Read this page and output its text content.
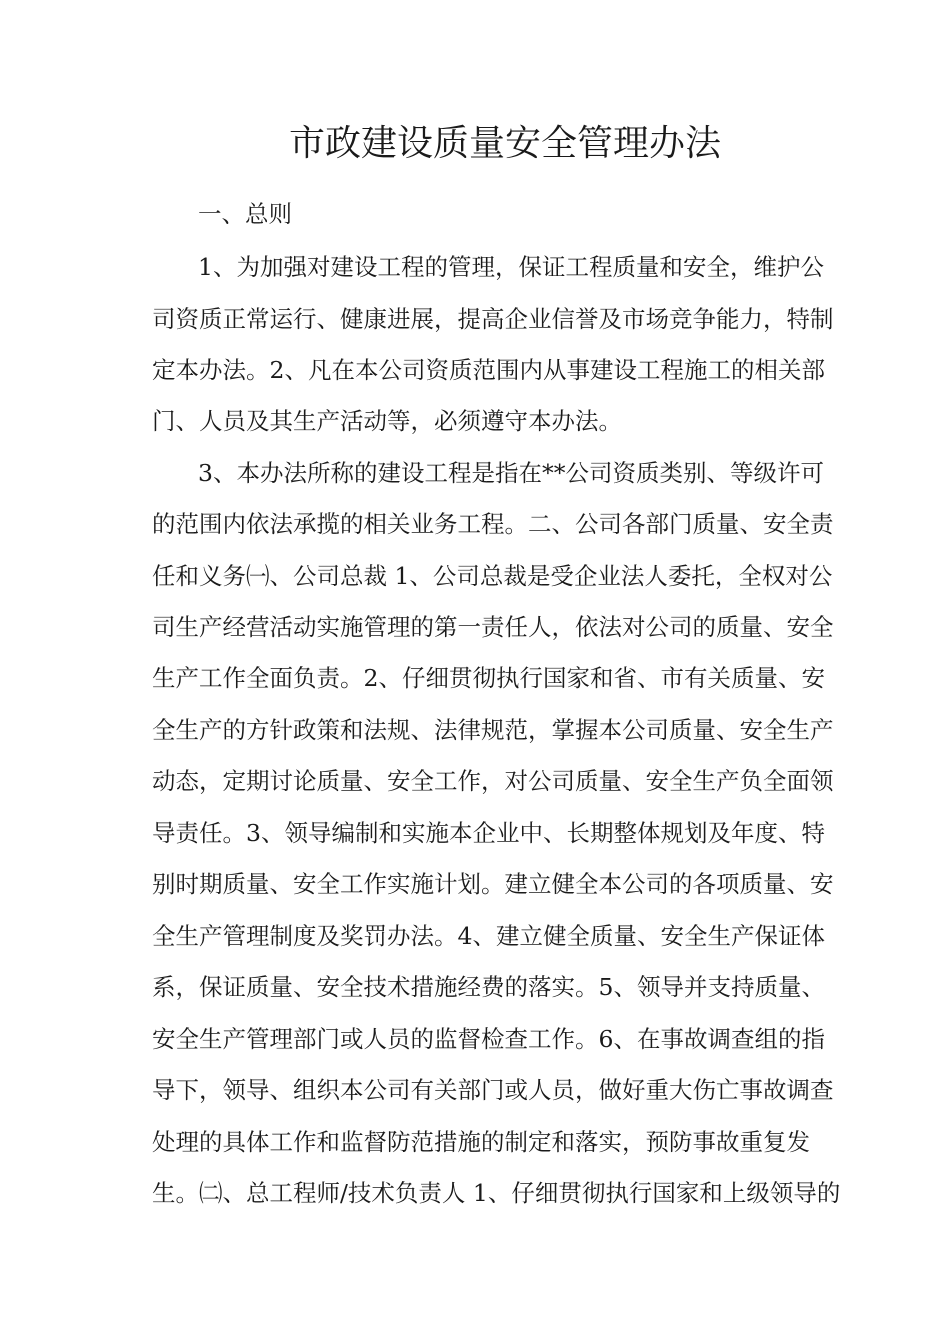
市政建设质量安全管理办法
一、总则
1、为加强对建设工程的管理，保证工程质量和安全，维护公
司资质正常运行、健康进展，提高企业信誉及市场竞争能力，特制
定本办法。2、凡在本公司资质范围内从事建设工程施工的相关部
门、人员及其生产活动等，必须遵守本办法。
3、本办法所称的建设工程是指在**公司资质类别、等级许可
的范围内依法承揽的相关业务工程。二、公司各部门质量、安全责
任和义务㈠、公司总裁 1、公司总裁是受企业法人委托，全权对公
司生产经营活动实施管理的第一责任人，依法对公司的质量、安全
生产工作全面负责。2、仔细贯彻执行国家和省、市有关质量、安
全生产的方针政策和法规、法律规范，掌握本公司质量、安全生产
动态，定期讨论质量、安全工作，对公司质量、安全生产负全面领
导责任。3、领导编制和实施本企业中、长期整体规划及年度、特
别时期质量、安全工作实施计划。建立健全本公司的各项质量、安
全生产管理制度及奖罚办法。4、建立健全质量、安全生产保证体
系，保证质量、安全技术措施经费的落实。5、领导并支持质量、
安全生产管理部门或人员的监督检查工作。6、在事故调查组的指
导下，领导、组织本公司有关部门或人员，做好重大伤亡事故调查
处理的具体工作和监督防范措施的制定和落实，预防事故重复发
生。㈡、总工程师/技术负责人 1、仔细贯彻执行国家和上级领导的
